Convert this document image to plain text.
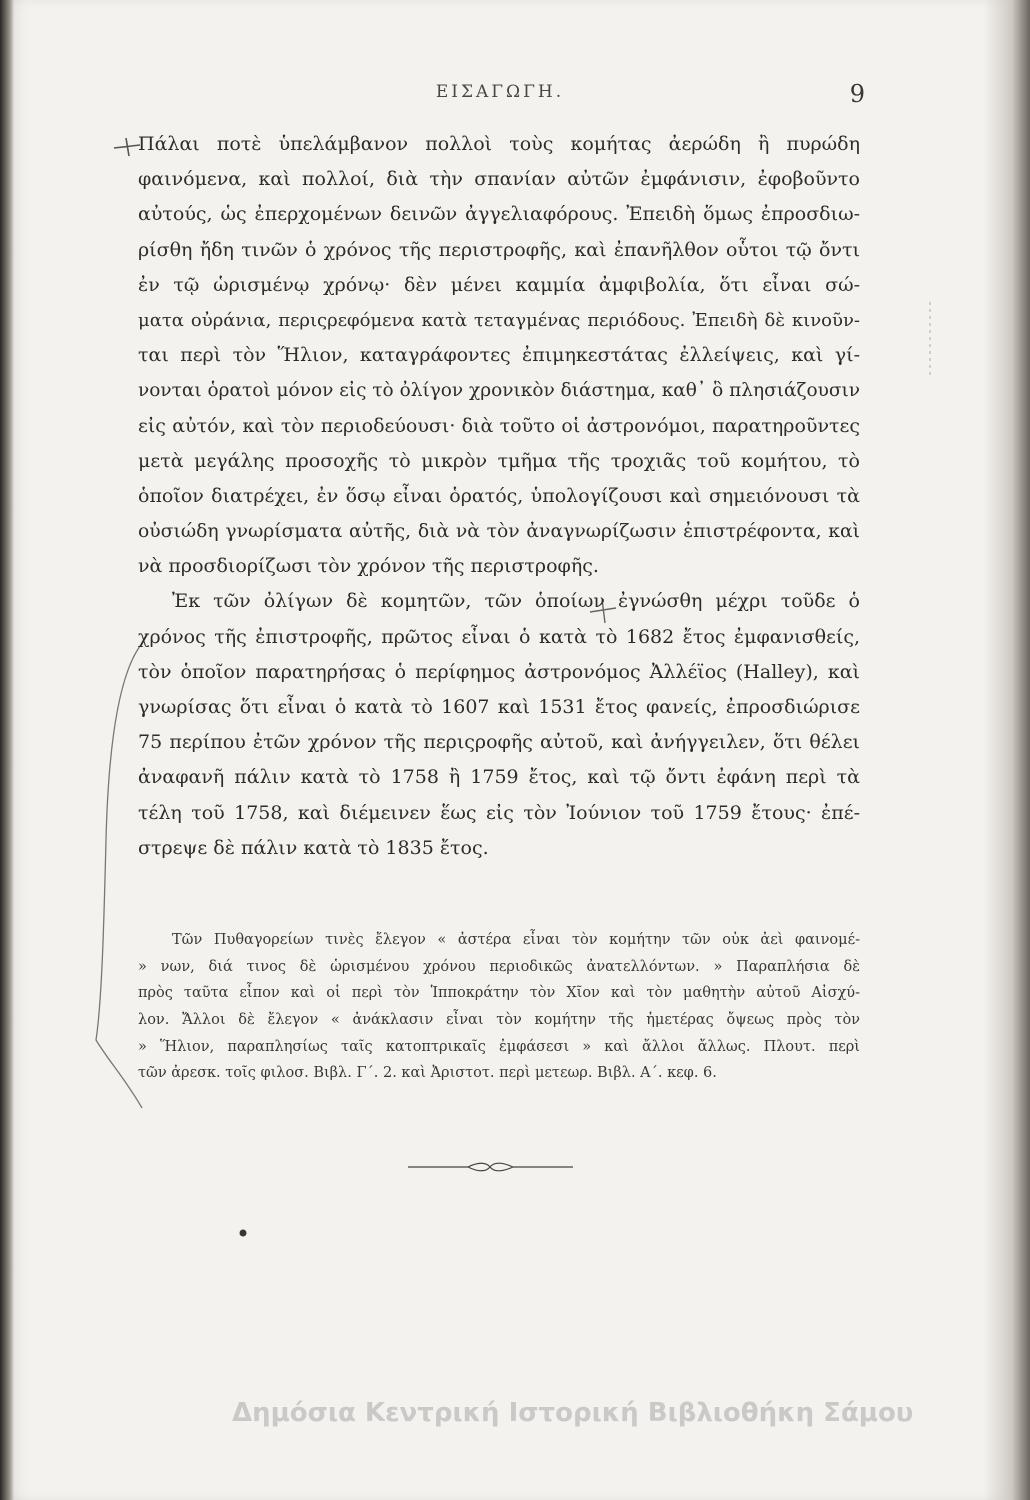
ΕΙΣΑΓΩΓΗ.	9
Πάλαι ποτὲ ὑπελάμβανον πολλοὶ τοὺς κομήτας ἀερώδη ἢ πυρώδη
φαινόμενα, καὶ πολλοί, διὰ τὴν σπανίαν αὐτῶν ἐμφάνισιν, ἐφοβοῦντο
αὐτούς, ὡς ἐπερχομένων δεινῶν ἀγγελιαφόρους. Ἐπειδὴ ὅμως ἐπροσδιω-
ρίσθη ἤδη τινῶν ὁ χρόνος τῆς περιστροφῆς, καὶ ἐπανῆλθον οὗτοι τῷ ὄντι
ἐν τῷ ὡρισμένῳ χρόνῳ· δὲν μένει καμμία ἀμφιβολία, ὅτι εἶναι σώ-
ματα οὐράνια, περιςρεφόμενα κατὰ τεταγμένας περιόδους. Ἐπειδὴ δὲ κινοῦν-
ται περὶ τὸν Ἥλιον, καταγράφοντες ἐπιμηκεστάτας ἐλλείψεις, καὶ γί-
νονται ὁρατοὶ μόνον εἰς τὸ ὀλίγον χρονικὸν διάστημα, καθ᾽ ὃ πλησιάζουσιν
εἰς αὐτόν, καὶ τὸν περιοδεύουσι· διὰ τοῦτο οἱ ἀστρονόμοι, παρατηροῦντες
μετὰ μεγάλης προσοχῆς τὸ μικρὸν τμῆμα τῆς τροχιᾶς τοῦ κομήτου, τὸ
ὁποῖον διατρέχει, ἐν ὅσῳ εἶναι ὁρατός, ὑπολογίζουσι καὶ σημειόνουσι τὰ
οὐσιώδη γνωρίσματα αὐτῆς, διὰ νὰ τὸν ἀναγνωρίζωσιν ἐπιστρέφοντα, καὶ
νὰ προσδιορίζωσι τὸν χρόνον τῆς περιστροφῆς.
Ἐκ τῶν ὀλίγων δὲ κομητῶν, τῶν ὁποίων ἐγνώσθη μέχρι τοῦδε ὁ
χρόνος τῆς ἐπιστροφῆς, πρῶτος εἶναι ὁ κατὰ τὸ 1682 ἔτος ἐμφανισθείς,
τὸν ὁποῖον παρατηρήσας ὁ περίφημος ἀστρονόμος Ἀλλέϊος (Halley), καὶ
γνωρίσας ὅτι εἶναι ὁ κατὰ τὸ 1607 καὶ 1531 ἔτος φανείς, ἐπροσδιώρισε
75 περίπου ἐτῶν χρόνον τῆς περιςροφῆς αὐτοῦ, καὶ ἀνήγγειλεν, ὅτι θέλει
ἀναφανῆ πάλιν κατὰ τὸ 1758 ἢ 1759 ἔτος, καὶ τῷ ὄντι ἐφάνη περὶ τὰ
τέλη τοῦ 1758, καὶ διέμεινεν ἕως εἰς τὸν Ἰούνιον τοῦ 1759 ἔτους· ἐπέ-
στρεψε δὲ πάλιν κατὰ τὸ 1835 ἔτος.
Τῶν Πυθαγορείων τινὲς ἔλεγον « ἀστέρα εἶναι τὸν κομήτην τῶν οὐκ ἀεὶ φαινομέ-
» νων, διά τινος δὲ ὡρισμένου χρόνου περιοδικῶς ἀνατελλόντων. » Παραπλήσια δὲ
πρὸς ταῦτα εἶπον καὶ οἱ περὶ τὸν Ἱπποκράτην τὸν Χῖον καὶ τὸν μαθητὴν αὐτοῦ Αἰσχύ-
λον. Ἄλλοι δὲ ἔλεγον « ἀνάκλασιν εἶναι τὸν κομήτην τῆς ἡμετέρας ὄψεως πρὸς τὸν
» Ἥλιον, παραπλησίως ταῖς κατοπτρικαῖς ἐμφάσεσι » καὶ ἄλλοι ἄλλως. Πλουτ. περὶ
τῶν ἀρεσκ. τοῖς φιλοσ. Βιβλ. Γ΄. 2. καὶ Ἀριστοτ. περὶ μετεωρ. Βιβλ. Α΄. κεφ. 6.
Δημόσια Κεντρική Ιστορική Βιβλιοθήκη Σάμου
